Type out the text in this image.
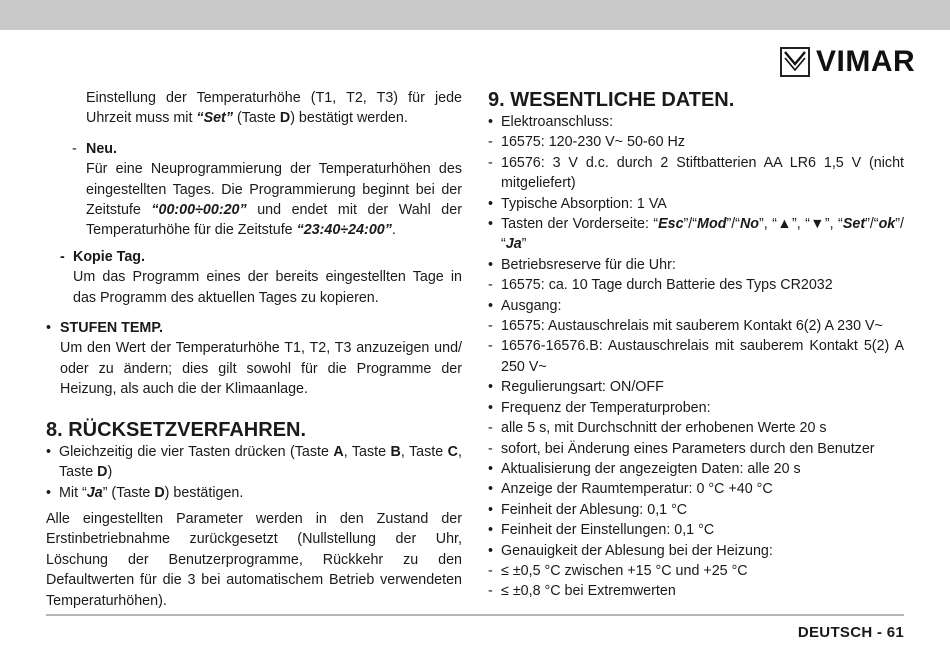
VIMAR

Einstellung der Temperaturhöhe (T1, T2, T3) für jede Uhrzeit muss mit “Set” (Taste D) bestätigt werden.

- Neu.

Für eine Neuprogrammierung der Temperaturhöhen des eingestellten Tages. Die Programmierung beginnt bei der Zeitstufe “00:00÷00:20” und endet mit der Wahl der Temperaturhöhe für die Zeitstufe “23:40÷24:00”.

- Kopie Tag.

Um das Programm eines der bereits eingestellten Tage in das Programm des aktuellen Tages zu kopieren.

• STUFEN TEMP.

Um den Wert der Temperaturhöhe T1, T2, T3 anzuzeigen und/ oder zu ändern; dies gilt sowohl für die Programme der Heizung, als auch die der Klimaanlage.

8. RÜCKSETZVERFAHREN.

• Gleichzeitig die vier Tasten drücken (Taste A, Taste B, Taste C, Taste D)

• Mit “Ja” (Taste D) bestätigen.

Alle eingestellten Parameter werden in den Zustand der Erstinbetriebnahme zurückgesetzt (Nullstellung der Uhr, Löschung der Benutzerprogramme, Rückkehr zu den Defaultwerten für die 3 bei automatischem Betrieb verwendeten Temperaturhöhen).

9. WESENTLICHE DATEN.

• Elektroanschluss:

- 16575: 120-230 V~ 50-60 Hz

- 16576: 3 V d.c. durch 2 Stiftbatterien AA LR6 1,5 V (nicht mitgeliefert)

• Typische Absorption: 1 VA

• Tasten der Vorderseite: “Esc”/“Mod”/“No”, “▲”, “▼”, “Set”/“ok”/ “Ja”

• Betriebsreserve für die Uhr:

- 16575: ca. 10 Tage durch Batterie des Typs CR2032

• Ausgang:

- 16575: Austauschrelais mit sauberem Kontakt 6(2) A 230 V~

- 16576-16576.B: Austauschrelais mit sauberem Kontakt 5(2) A 250 V~

• Regulierungsart: ON/OFF

• Frequenz der Temperaturproben:

- alle 5 s, mit Durchschnitt der erhobenen Werte 20 s

- sofort, bei Änderung eines Parameters durch den Benutzer

• Aktualisierung der angezeigten Daten: alle 20 s

• Anzeige der Raumtemperatur: 0 °C +40 °C

• Feinheit der Ablesung: 0,1 °C

• Feinheit der Einstellungen: 0,1 °C

• Genauigkeit der Ablesung bei der Heizung:

- ≤ ±0,5 °C zwischen +15 °C und +25 °C

- ≤ ±0,8 °C bei Extremwerten

DEUTSCH - 61
